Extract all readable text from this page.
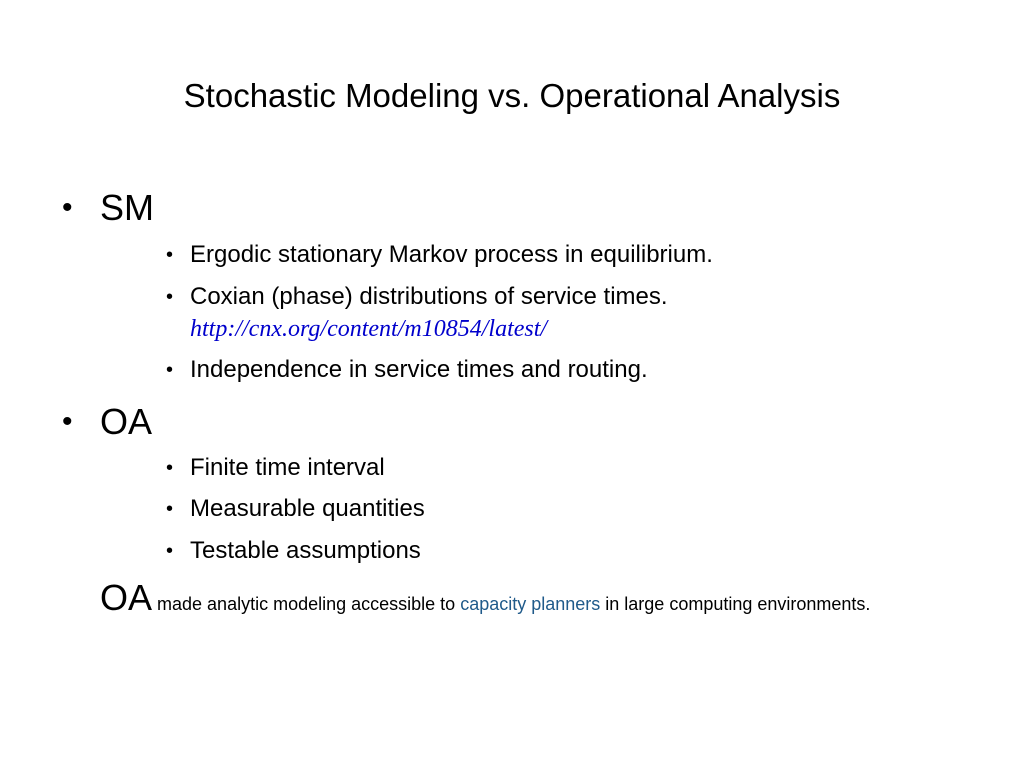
Stochastic Modeling vs. Operational Analysis
• SM
• Ergodic stationary Markov process in equilibrium.
• Coxian (phase) distributions of service times.
http://cnx.org/content/m10854/latest/
• Independence in service times and routing.
• OA
• Finite time interval
• Measurable quantities
• Testable assumptions
OA made analytic modeling accessible to capacity planners in large computing environments.
